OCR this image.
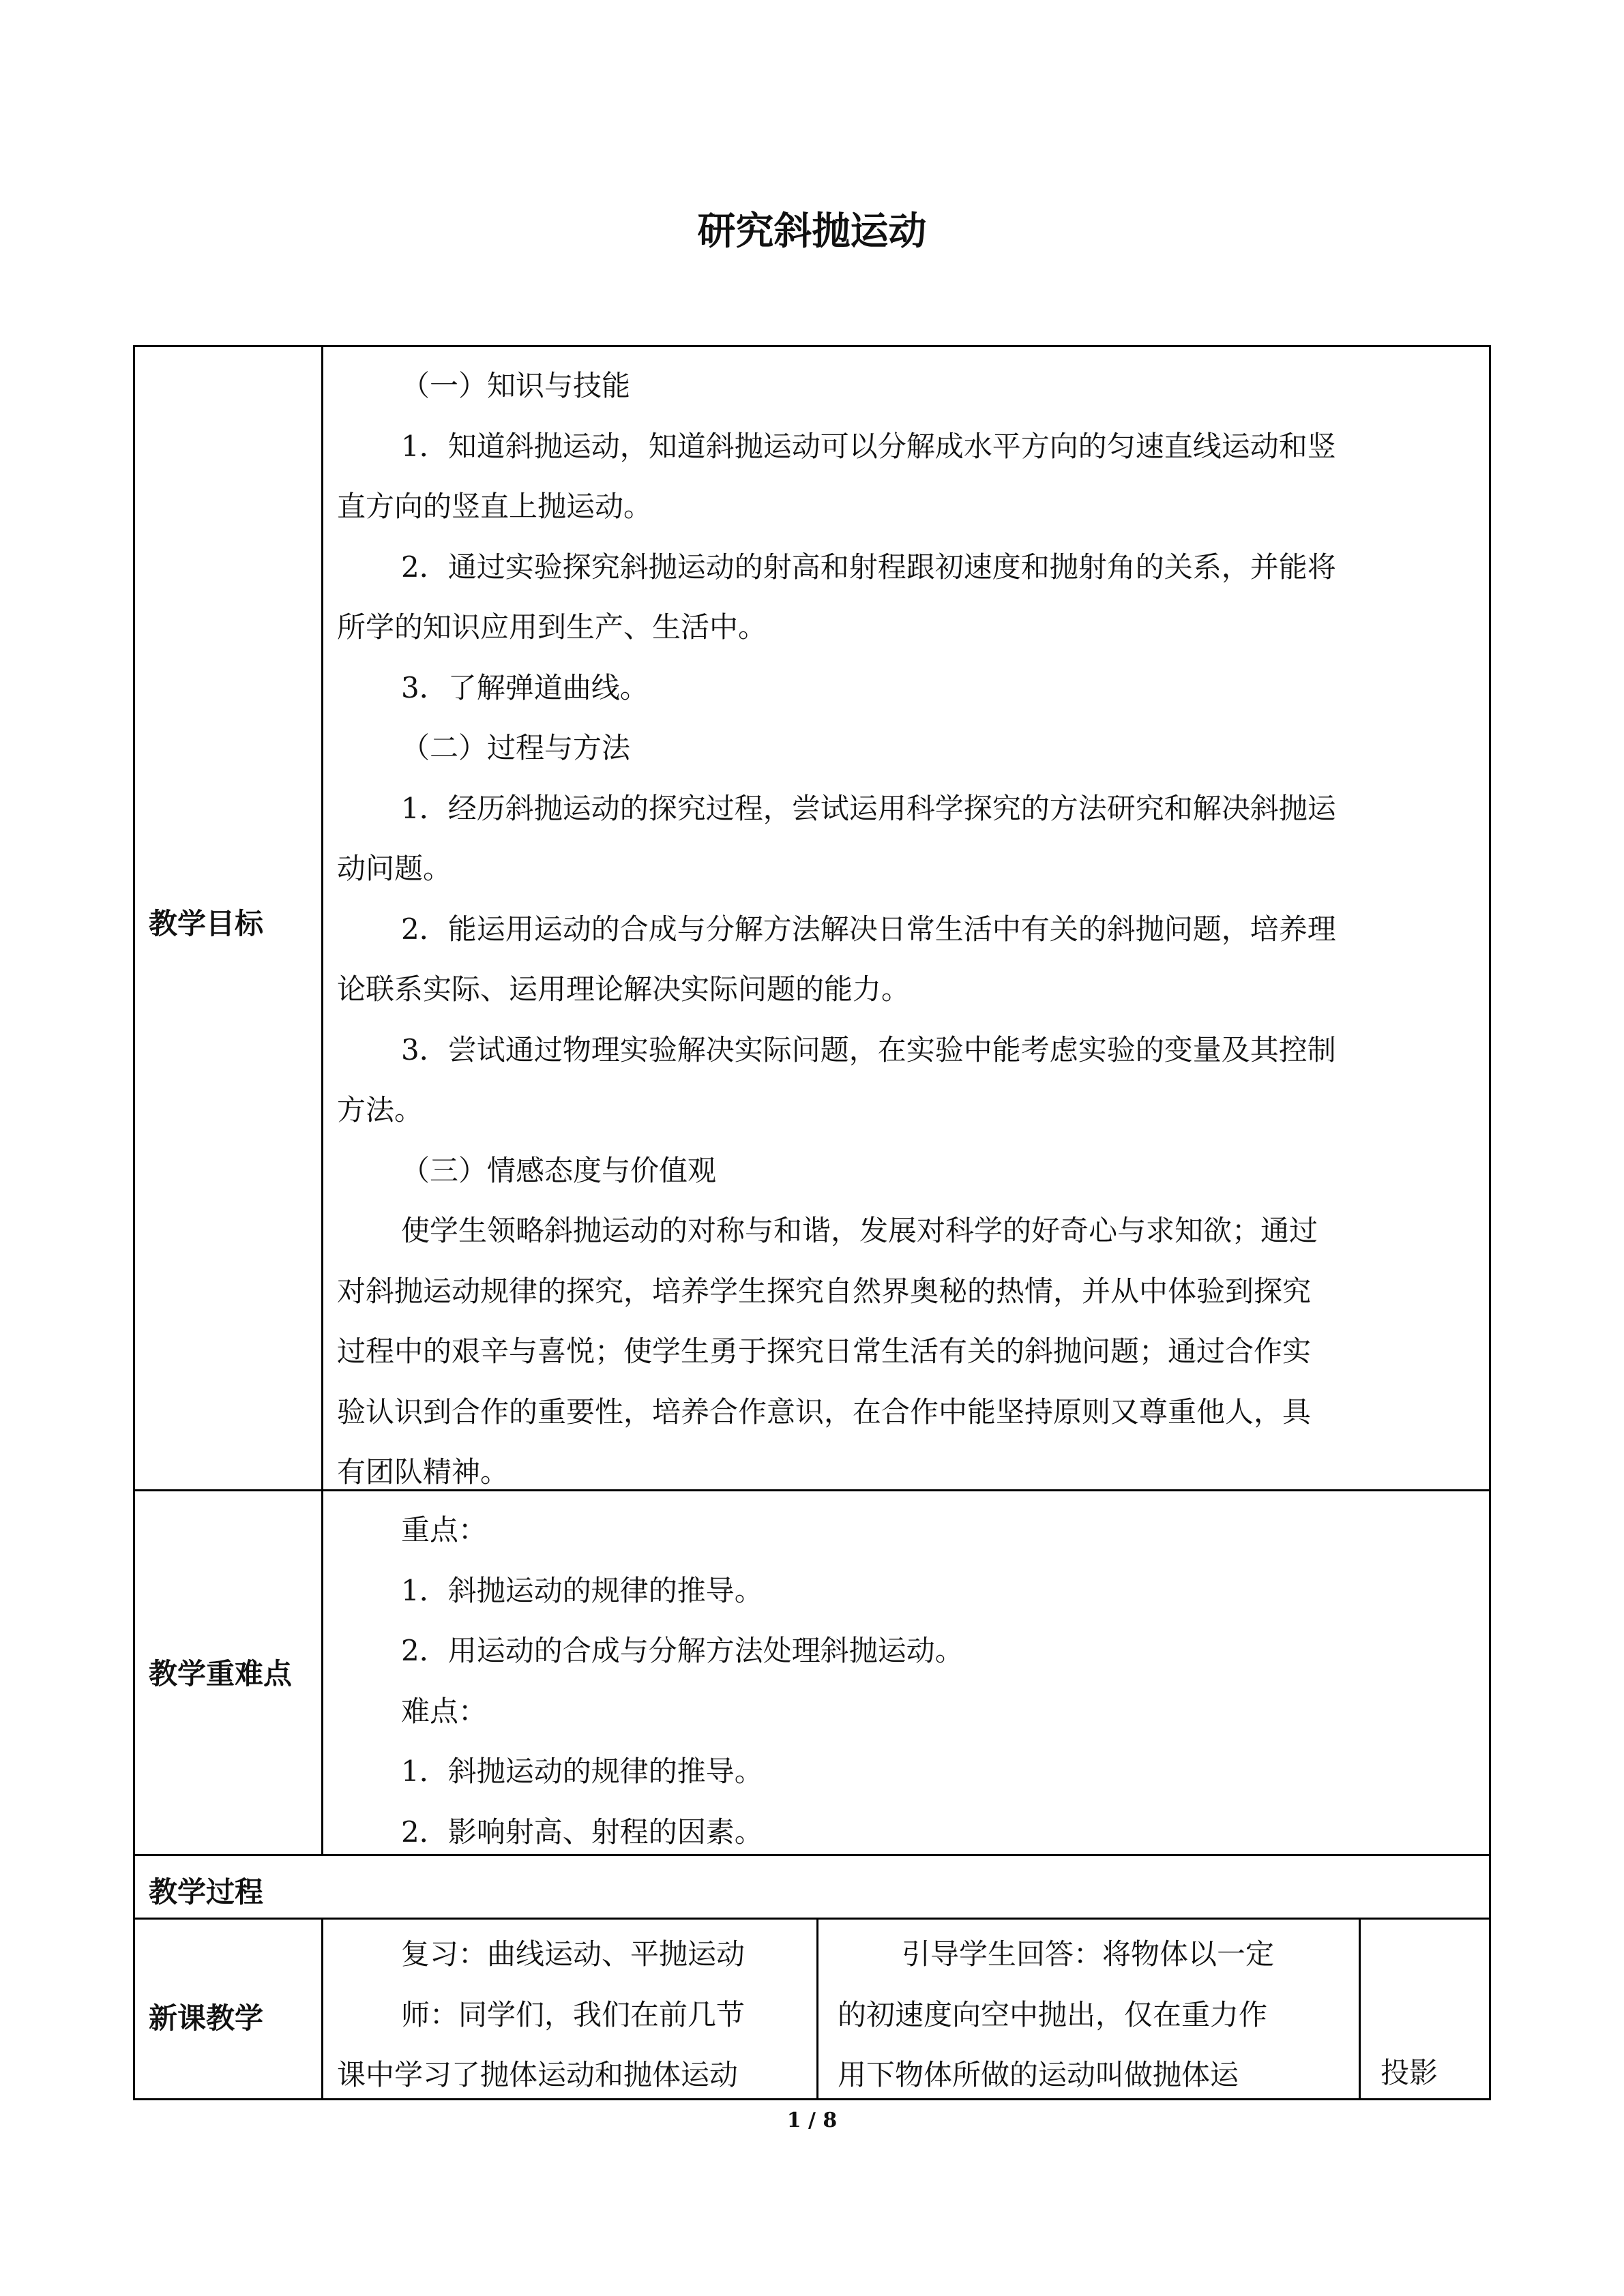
研究斜抛运动
教学目标

（一）知识与技能

1．知道斜抛运动，知道斜抛运动可以分解成水平方向的匀速直线运动和竖

直方向的竖直上抛运动。

2．通过实验探究斜抛运动的射高和射程跟初速度和抛射角的关系，并能将

所学的知识应用到生产、生活中。

3．了解弹道曲线。

（二）过程与方法

1．经历斜抛运动的探究过程，尝试运用科学探究的方法研究和解决斜抛运

动问题。

2．能运用运动的合成与分解方法解决日常生活中有关的斜抛问题，培养理

论联系实际、运用理论解决实际问题的能力。

3．尝试通过物理实验解决实际问题，在实验中能考虑实验的变量及其控制

方法。

（三）情感态度与价值观

使学生领略斜抛运动的对称与和谐，发展对科学的好奇心与求知欲；通过

对斜抛运动规律的探究，培养学生探究自然界奥秘的热情，并从中体验到探究

过程中的艰辛与喜悦；使学生勇于探究日常生活有关的斜抛问题；通过合作实

验认识到合作的重要性，培养合作意识，在合作中能坚持原则又尊重他人，具

有团队精神。

教学重难点

重点：

1．斜抛运动的规律的推导。

2．用运动的合成与分解方法处理斜抛运动。

难点：

1．斜抛运动的规律的推导。

2．影响射高、射程的因素。

教学过程
新课教学

复习：曲线运动、平抛运动

师：同学们，我们在前几节

课中学习了抛体运动和抛体运动

引导学生回答：将物体以一定

的初速度向空中抛出，仅在重力作

用下物体所做的运动叫做抛体运	投影
1 / 8
